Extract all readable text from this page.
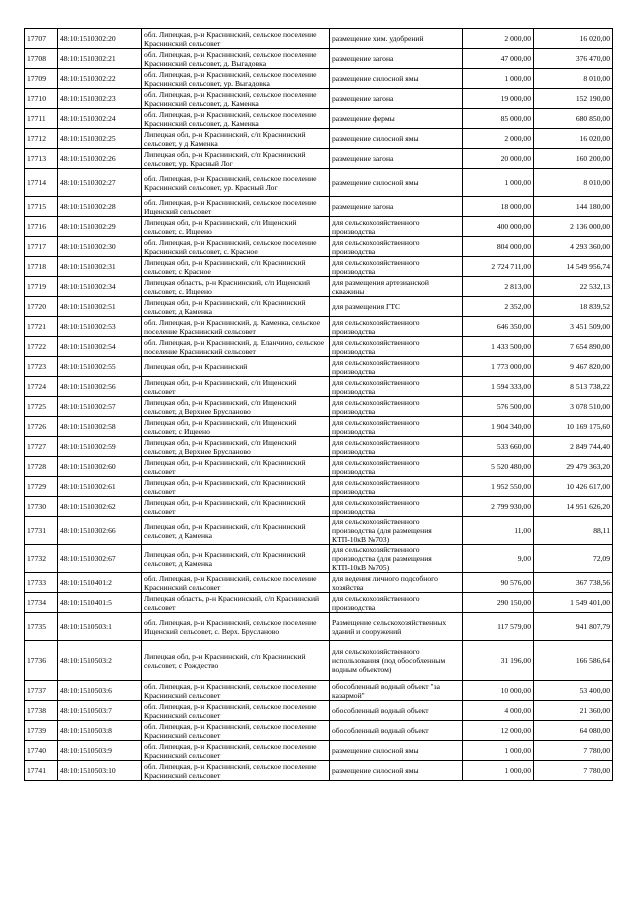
17707	48:10:1510302:20	обл. Липецкая, р-н Краснинский, сельское поселение Краснинский сельсовет	размещение хим. удобрений	2 000,00	16 020,00
17708	48:10:1510302:21	обл. Липецкая, р-н Краснинский, сельское поселение Краснинский сельсовет, д. Выгадовка	размещение загона	47 000,00	376 470,00
17709	48:10:1510302:22	обл. Липецкая, р-н Краснинский, сельское поселение Краснинский сельсовет, ур. Выгадовка	размещение силосной ямы	1 000,00	8 010,00
17710	48:10:1510302:23	обл. Липецкая, р-н Краснинский, сельское поселение Краснинский сельсовет, д. Каменка	размещение загона	19 000,00	152 190,00
17711	48:10:1510302:24	обл. Липецкая, р-н Краснинский, сельское поселение Краснинский сельсовет, д. Каменка	размещение фермы	85 000,00	680 850,00
17712	48:10:1510302:25	Липецкая обл, р-н Краснинский, с/п Краснинский сельсовет, у д Каменка	размещение силосной ямы	2 000,00	16 020,00
17713	48:10:1510302:26	Липецкая обл, р-н Краснинский, с/п Краснинский сельсовет, ур. Красный Лог	размещение загона	20 000,00	160 200,00
17714	48:10:1510302:27	обл. Липецкая, р-н Краснинский, сельское поселение Краснинский сельсовет, ур. Красный Лог	размещение силосной ямы	1 000,00	8 010,00
17715	48:10:1510302:28	обл. Липецкая, р-н Краснинский, сельское поселение Ищенский сельсовет	размещение загона	18 000,00	144 180,00
17716	48:10:1510302:29	Липецкая обл, р-н Краснинский, с/п Ищенский сельсовет, с. Ищеено	для сельскохозяйственного производства	400 000,00	2 136 000,00
17717	48:10:1510302:30	обл. Липецкая, р-н Краснинский, сельское поселение Краснинский сельсовет, с. Красное	для сельскохозяйственного производства	804 000,00	4 293 360,00
17718	48:10:1510302:31	Липецкая обл, р-н Краснинский, с/п Краснинский сельсовет, с Красное	для сельскохозяйственного производства	2 724 711,00	14 549 956,74
17719	48:10:1510302:34	Липецкая область, р-н Краснинский, с/п Ищенский сельсовет, с. Ищеено	для размещения артезианской скважины	2 813,00	22 532,13
17720	48:10:1510302:51	Липецкая обл, р-н Краснинский, с/п Краснинский сельсовет, д Каменка	для размещения ГТС	2 352,00	18 839,52
17721	48:10:1510302:53	обл. Липецкая, р-н Краснинский, д. Каменка, сельское поселение Краснинский сельсовет	для сельскохозяйственного производства	646 350,00	3 451 509,00
17722	48:10:1510302:54	обл. Липецкая, р-н Краснинский, д. Еланчино, сельское поселение Краснинский сельсовет	для сельскохозяйственного производства	1 433 500,00	7 654 890,00
17723	48:10:1510302:55	Липецкая обл, р-н Краснинский	для сельскохозяйственного производства	1 773 000,00	9 467 820,00
17724	48:10:1510302:56	Липецкая обл, р-н Краснинский, с/п Ищенский сельсовет	для сельскохозяйственного производства	1 594 333,00	8 513 738,22
17725	48:10:1510302:57	Липецкая обл, р-н Краснинский, с/п Ищенский сельсовет, д Верхнее Брусланово	для сельскохозяйственного производства	576 500,00	3 078 510,00
17726	48:10:1510302:58	Липецкая обл, р-н Краснинский, с/п Ищенский сельсовет, с Ищеено	для сельскохозяйственного производства	1 904 340,00	10 169 175,60
17727	48:10:1510302:59	Липецкая обл, р-н Краснинский, с/п Ищенский сельсовет, д Верхнее Брусланово	для сельскохозяйственного производства	533 660,00	2 849 744,40
17728	48:10:1510302:60	Липецкая обл, р-н Краснинский, с/п Краснинский сельсовет	для сельскохозяйственного производства	5 520 480,00	29 479 363,20
17729	48:10:1510302:61	Липецкая обл, р-н Краснинский, с/п Краснинский сельсовет	для сельскохозяйственного производства	1 952 550,00	10 426 617,00
17730	48:10:1510302:62	Липецкая обл, р-н Краснинский, с/п Краснинский сельсовет	для сельскохозяйственного производства	2 799 930,00	14 951 626,20
17731	48:10:1510302:66	Липецкая обл, р-н Краснинский, с/п Краснинский сельсовет, д Каменка	для сельскохозяйственного производства (для размещения КТП-10кВ №703)	11,00	88,11
17732	48:10:1510302:67	Липецкая обл, р-н Краснинский, с/п Краснинский сельсовет, д Каменка	для сельскохозяйственного производства (для размещения КТП-10кВ №705)	9,00	72,09
17733	48:10:1510401:2	обл. Липецкая, р-н Краснинский, сельское поселение Краснинский сельсовет	для ведения личного подсобного хозяйства	90 576,00	367 738,56
17734	48:10:1510401:5	Липецкая область, р-н Краснинский, с/п Краснинский сельсовет	для сельскохозяйственного производства	290 150,00	1 549 401,00
17735	48:10:1510503:1	обл. Липецкая, р-н Краснинский, сельское поселение Ищенский сельсовет, с. Верх. Брусланово	Размещение сельскохозяйственных зданий и сооружений	117 579,00	941 807,79
17736	48:10:1510503:2	Липецкая обл, р-н Краснинский, с/п Краснинский сельсовет, с Рождество	для сельскохозяйственного использования (под обособленным водным объектом)	31 196,00	166 586,64
17737	48:10:1510503:6	обл. Липецкая, р-н Краснинский, сельское поселение Краснинский сельсовет	обособленный водный объект "за казармой"	10 000,00	53 400,00
17738	48:10:1510503:7	обл. Липецкая, р-н Краснинский, сельское поселение Краснинский сельсовет	обособленный водный объект	4 000,00	21 360,00
17739	48:10:1510503:8	обл. Липецкая, р-н Краснинский, сельское поселение Краснинский сельсовет	обособленный водный объект	12 000,00	64 080,00
17740	48:10:1510503:9	обл. Липецкая, р-н Краснинский, сельское поселение Краснинский сельсовет	размещение силосной ямы	1 000,00	7 780,00
17741	48:10:1510503:10	обл. Липецкая, р-н Краснинский, сельское поселение Краснинский сельсовет	размещение силосной ямы	1 000,00	7 780,00
